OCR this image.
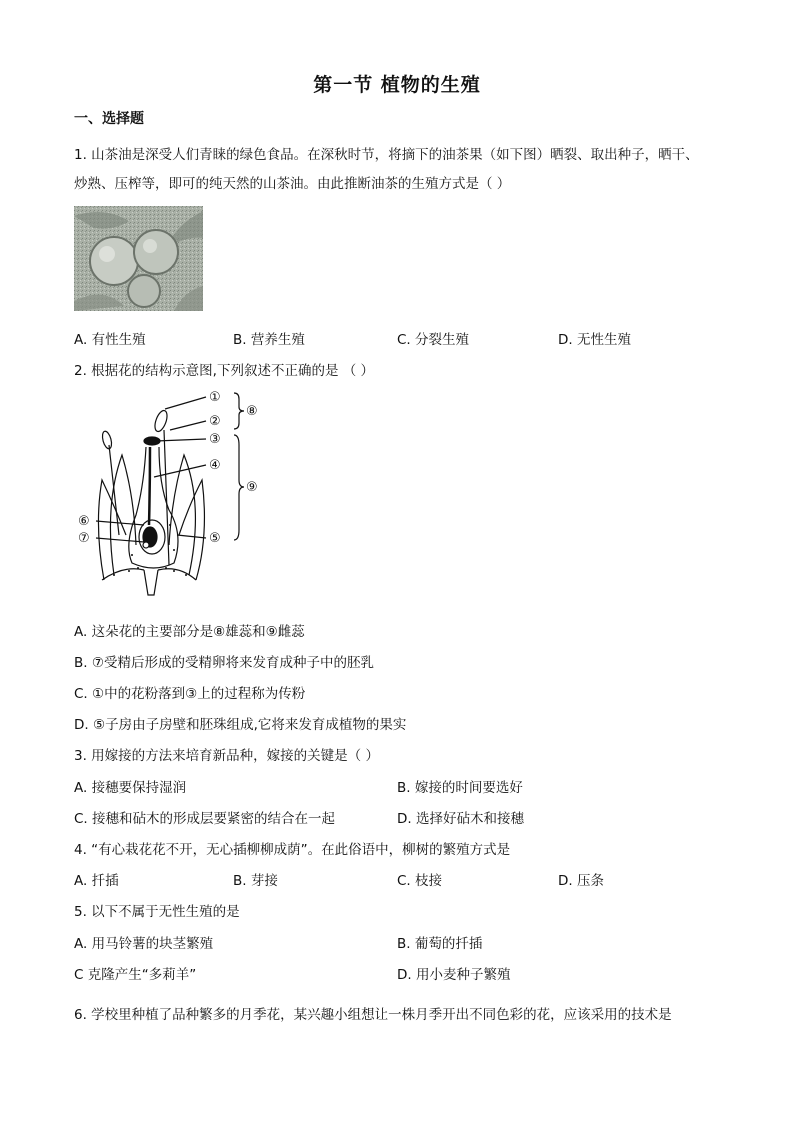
第一节 植物的生殖
一、选择题
1. 山茶油是深受人们青睐的绿色食品。在深秋时节，将摘下的油茶果（如下图）晒裂、取出种子，晒干、
炒熟、压榨等，即可的纯天然的山茶油。由此推断油茶的生殖方式是（ ）
A. 有性生殖	B. 营养生殖	C. 分裂生殖	D. 无性生殖
2. 根据花的结构示意图,下列叙述不正确的是 （ ）
①
②
③
④
⑤
⑥
⑦
⑧
⑨
A. 这朵花的主要部分是⑧雄蕊和⑨雌蕊
B. ⑦受精后形成的受精卵将来发育成种子中的胚乳
C. ①中的花粉落到③上的过程称为传粉
D. ⑤子房由子房壁和胚珠组成,它将来发育成植物的果实
3. 用嫁接的方法来培育新品种，嫁接的关键是（ ）
A. 接穗要保持湿润	B. 嫁接的时间要选好
C. 接穗和砧木的形成层要紧密的结合在一起	D. 选择好砧木和接穗
4. “有心栽花花不开，无心插柳柳成荫”。在此俗语中，柳树的繁殖方式是
A. 扦插	B. 芽接	C. 枝接	D. 压条
5. 以下不属于无性生殖的是
A. 用马铃薯的块茎繁殖	B. 葡萄的扦插
C 克隆产生“多莉羊”	D. 用小麦种子繁殖
6. 学校里种植了品种繁多的月季花，某兴趣小组想让一株月季开出不同色彩的花，应该采用的技术是
